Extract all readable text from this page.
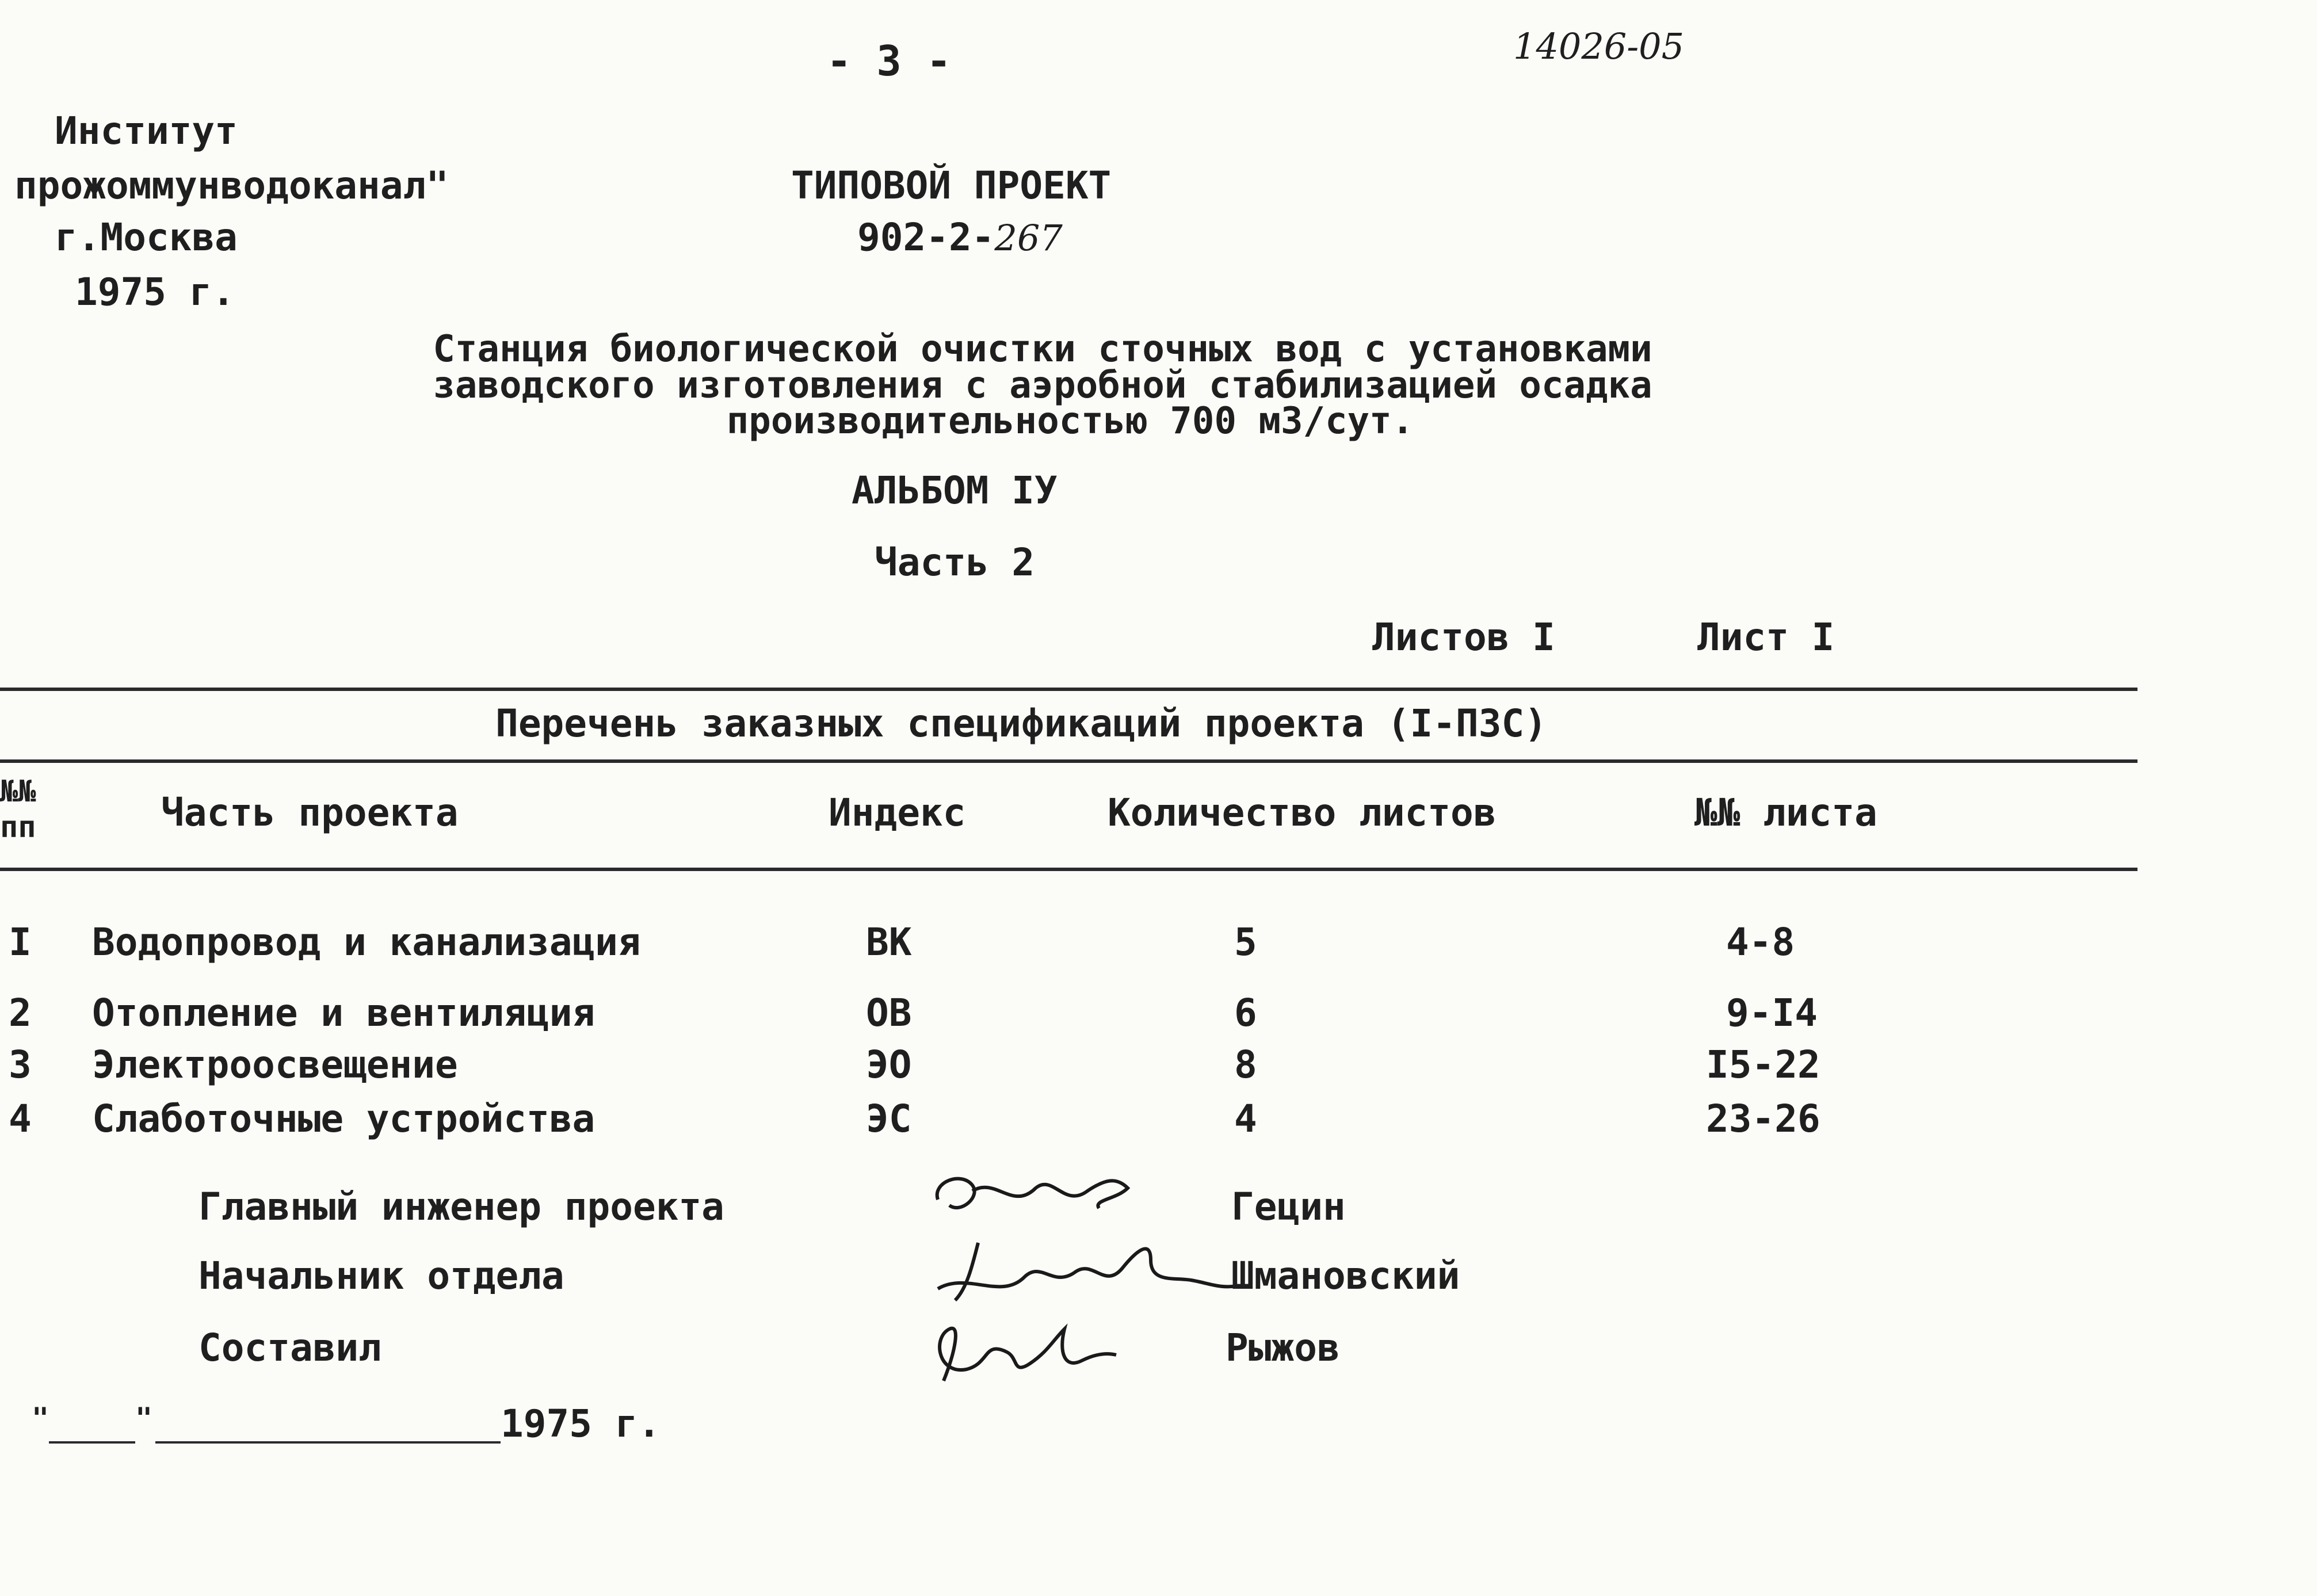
- 3 -	14026-05
Институт
прожоммунводоканал"
г.Москва
1975 г.
ТИПОВОЙ ПРОЕКТ
902-2-267
Станция биологической очистки сточных вод с установками
заводского изготовления с аэробной стабилизацией осадка
производительностью 700 м3/сут.
АЛЬБОМ IУ
Часть 2
Листов I	Лист I
Перечень заказных спецификаций проекта (I-ПЗС)
№№
пп	Часть проекта	Индекс	Количество листов	№№ листа
I Водопровод и канализация	ВК	5	4-8
2 Отопление и вентиляция	ОВ	6	9-I4
3 Электроосвещение	ЭО	8	I5-22
4 Слаботочные устройства	ЭС	4	23-26
Главный инженер проекта	Гецин
Начальник отдела	Шмановский
Составил	Рыжов
"	"	1975 г.
